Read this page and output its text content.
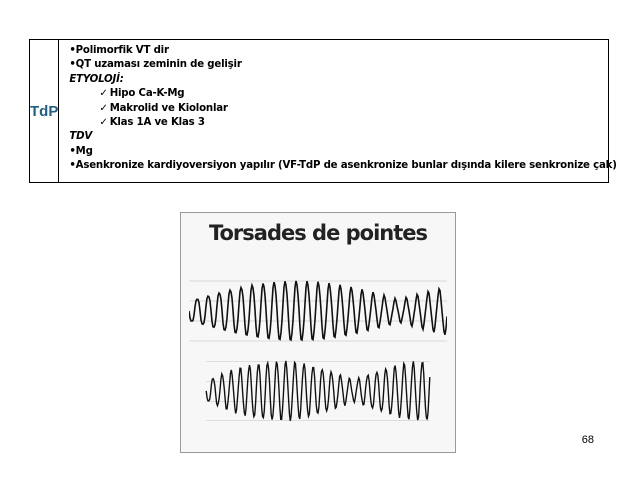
TdP
•Polimorfik VT dir
•QT uzaması zeminin de gelişir
ETYOLOJİ:
✓ Hipo Ca-K-Mg
✓ Makrolid ve Kiolonlar
✓ Klas 1A ve Klas 3
TDV
•Mg
•Asenkronize kardiyoversiyon yapılır (VF-TdP de asenkronize bunlar dışında kilere senkronize çak)
Torsades de pointes
68
